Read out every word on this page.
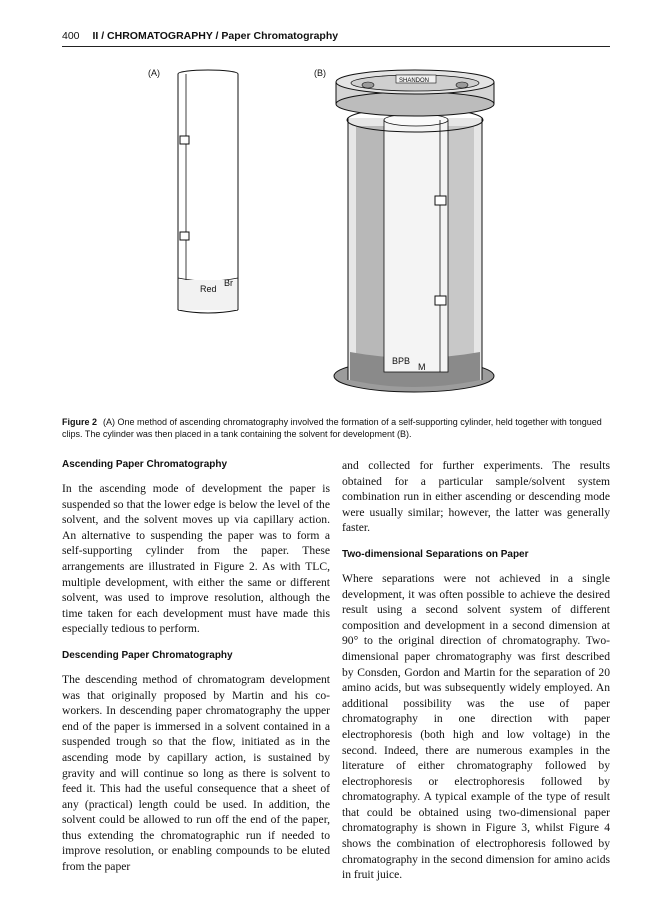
400 II / CHROMATOGRAPHY / Paper Chromatography
(A)
Red
Br
(B)
BPB
M
SHANDON
Figure 2 (A) One method of ascending chromatography involved the formation of a self-supporting cylinder, held together with tongued clips. The cylinder was then placed in a tank containing the solvent for development (B).
Ascending Paper Chromatography

In the ascending mode of development the paper is suspended so that the lower edge is below the level of the solvent, and the solvent moves up via capillary action. An alternative to suspending the paper was to form a self-supporting cylinder from the paper. These arrangements are illustrated in Figure 2. As with TLC, multiple development, with either the same or different solvent, was used to improve resolution, although the time taken for each development must have made this especially tedious to perform.

Descending Paper Chromatography

The descending method of chromatogram development was that originally proposed by Martin and his co-workers. In descending paper chromatography the upper end of the paper is immersed in a solvent contained in a suspended trough so that the flow, initiated as in the ascending mode by capillary action, is sustained by gravity and will continue so long as there is solvent to feed it. This had the useful consequence that a sheet of any (practical) length could be used. In addition, the solvent could be allowed to run off the end of the paper, thus extending the chromatographic run if needed to improve resolution, or enabling compounds to be eluted from the paper

and collected for further experiments. The results obtained for a particular sample/solvent system combination run in either ascending or descending mode were usually similar; however, the latter was generally faster.

Two-dimensional Separations on Paper

Where separations were not achieved in a single development, it was often possible to achieve the desired result using a second solvent system of different composition and development in a second dimension at 90° to the original direction of chromatography. Two-dimensional paper chromatography was first described by Consden, Gordon and Martin for the separation of 20 amino acids, but was subsequently widely employed. An additional possibility was the use of paper chromatography in one direction with paper electrophoresis (both high and low voltage) in the second. Indeed, there are numerous examples in the literature of either chromatography followed by electrophoresis or electrophoresis followed by chromatography. A typical example of the type of result that could be obtained using two-dimensional paper chromatography is shown in Figure 3, whilst Figure 4 shows the combination of electrophoresis followed by chromatography in the second dimension for amino acids in fruit juice.
